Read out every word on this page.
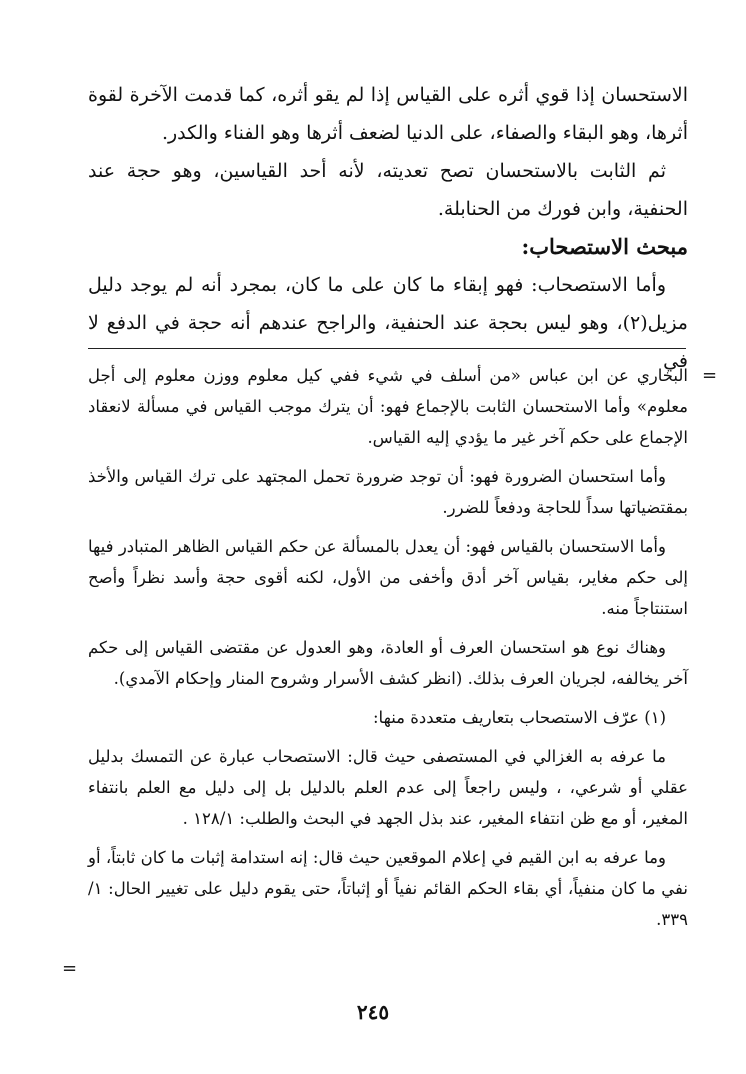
الاستحسان إذا قوي أثره على القياس إذا لم يقو أثره، كما قدمت الآخرة لقوة أثرها، وهو البقاء والصفاء، على الدنيا لضعف أثرها وهو الفناء والكدر.

ثم الثابت بالاستحسان تصح تعديته، لأنه أحد القياسين، وهو حجة عند الحنفية، وابن فورك من الحنابلة.

مبحث الاستصحاب:

وأما الاستصحاب: فهو إبقاء ما كان على ما كان، بمجرد أنه لم يوجد دليل مزيل(٢)، وهو ليس بحجة عند الحنفية، والراجح عندهم أنه حجة في الدفع لا في

=

البخاري عن ابن عباس «من أسلف في شيء ففي كيل معلوم ووزن معلوم إلى أجل معلوم» وأما الاستحسان الثابت بالإجماع فهو: أن يترك موجب القياس في مسألة لانعقاد الإجماع على حكم آخر غير ما يؤدي إليه القياس.

وأما استحسان الضرورة فهو: أن توجد ضرورة تحمل المجتهد على ترك القياس والأخذ بمقتضياتها سداً للحاجة ودفعاً للضرر.

وأما الاستحسان بالقياس فهو: أن يعدل بالمسألة عن حكم القياس الظاهر المتبادر فيها إلى حكم مغاير، بقياس آخر أدق وأخفى من الأول، لكنه أقوى حجة وأسد نظراً وأصح استنتاجاً منه.

وهناك نوع هو استحسان العرف أو العادة، وهو العدول عن مقتضى القياس إلى حكم آخر يخالفه، لجريان العرف بذلك. (انظر كشف الأسرار وشروح المنار وإحكام الآمدي).

(١) عرّف الاستصحاب بتعاريف متعددة منها:

ما عرفه به الغزالي في المستصفى حيث قال: الاستصحاب عبارة عن التمسك بدليل عقلي أو شرعي، ، وليس راجعاً إلى عدم العلم بالدليل بل إلى دليل مع العلم بانتفاء المغير، أو مع ظن انتفاء المغير، عند بذل الجهد في البحث والطلب: ١٢٨/١ .

وما عرفه به ابن القيم في إعلام الموقعين حيث قال: إنه استدامة إثبات ما كان ثابتاً، أو نفي ما كان منفياً، أي بقاء الحكم القائم نفياً أو إثباتاً، حتى يقوم دليل على تغيير الحال: ١/ ٣٣٩.

=
٢٤٥
